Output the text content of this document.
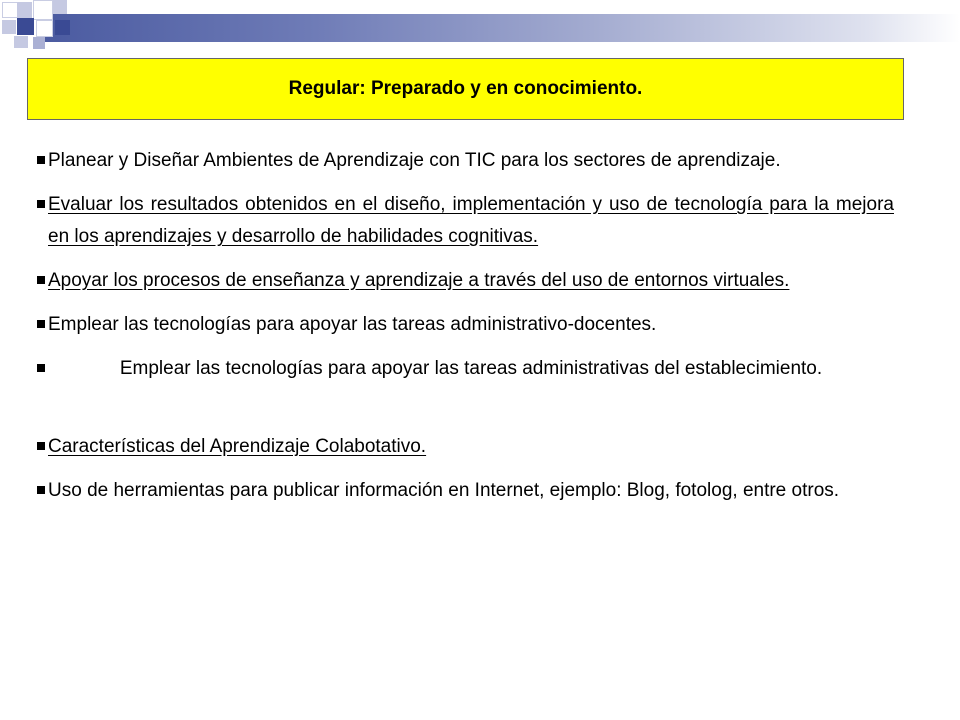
Regular: Preparado y en conocimiento.
Planear y Diseñar Ambientes de Aprendizaje con TIC para los sectores de aprendizaje.
Evaluar los resultados obtenidos en el diseño, implementación y uso de tecnología para la mejora en los aprendizajes y desarrollo de habilidades cognitivas.
Apoyar los procesos de enseñanza y aprendizaje a través del uso de entornos virtuales.
Emplear las tecnologías para apoyar las tareas administrativo-docentes.
Emplear las tecnologías para apoyar las tareas administrativas del establecimiento.
Características del Aprendizaje Colabotativo.
Uso de herramientas para publicar información en Internet, ejemplo: Blog, fotolog, entre otros.
